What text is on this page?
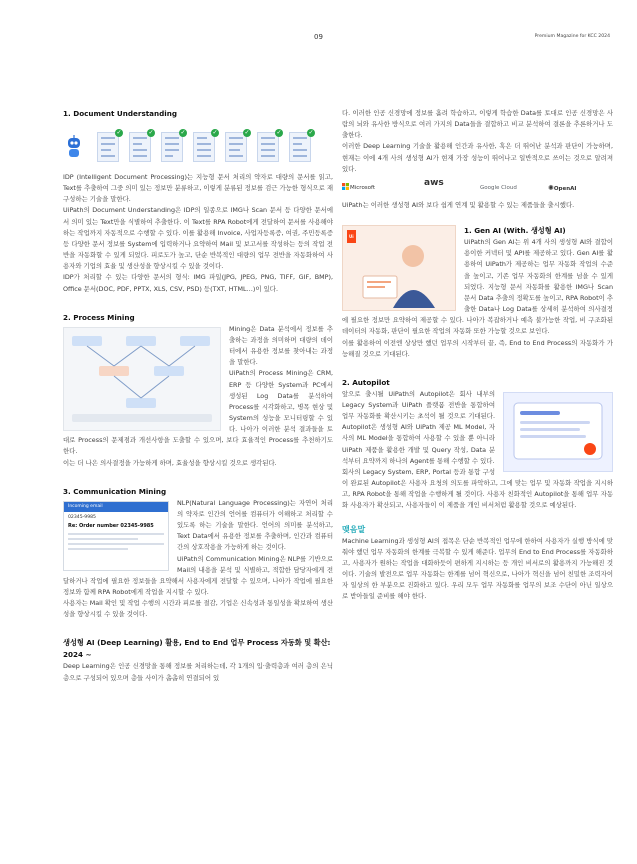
09	Premium Magazine for KCC 2024
1. Document Understanding
✓	✓	✓	✓	✓	✓	✓

IDP (Intelligent Document Processing)는 지능형 문서 처리의 약자로 대량의 문서를 읽고, Text를 추출하여 그중 의미 있는 정보만 분류하고, 이렇게 분류된 정보를 검근 가능한 형식으로 재구성하는 기술을 말한다.

UiPath의 Document Understanding은 IDP의 일종으로 IMG나 Scan 문서 등 다양한 문서에서 의미 있는 Text만을 식별하여 추출한다. 이 Text를 RPA Robot에게 전달하여 문서를 사용해야 하는 작업까지 자동적으로 수행할 수 있다. 이를 활용해 Invoice, 사업자등록증, 여권, 주민등록증 등 다양한 문서 정보를 System에 입력하거나 요약하여 Mail 및 보고서를 작성하는 등의 작업 전반을 자동화할 수 있게 되었다. 피로도가 높고, 단순 반복적인 대량의 업무 전반을 자동화하여 사용자와 기업의 효율 및 생산성을 향상시킬 수 있을 것이다.

IDP가 처리할 수 있는 다양한 문서의 형식: IMG 파일(JPG, JPEG, PNG, TIFF, GIF, BMP), Office 문서(DOC, PDF, PPTX, XLS, CSV, PSD) 등(TXT, HTML…)이 있다.

2. Process Mining

Mining은 Data 분석에서 정보를 추출하는 과정을 의미하며 대량의 데이터에서 유용한 정보를 찾아내는 과정을 말한다.

UiPath의 Process Mining은 CRM, ERP 등 다양한 System과 PC에서 생성된 Log Data를 분석하여 Process를 시각화하고, 병목 현상 및 System의 성능을 모니터링할 수 있다. 나아가 이러한 분석 결과들을 토대로 Process의 문제점과 개선사항을 도출할 수 있으며, 보다 효율적인 Process를 추천하기도 한다.

이는 더 나은 의사결정을 가능하게 하며, 효율성을 향상시킬 것으로 생각된다.

3. Communication Mining
Incoming email
02345-9985
Re: Order number 02345-9985

NLP(Natural Language Processing)는 자연어 처리의 약자로 인간의 언어를 컴퓨터가 이해하고 처리할 수 있도록 하는 기술을 말한다. 언어의 의미를 분석하고, Text Data에서 유용한 정보를 추출하며, 인간과 컴퓨터 간의 상호작용을 가능하게 하는 것이다.

UiPath의 Communication Mining은 NLP를 기반으로 Mail의 내용을 분석 및 식별하고, 적합한 담당자에게 전달하거나 작업에 필요한 정보들을 요약해서 사용자에게 전달할 수 있으며, 나아가 작업에 필요한 정보와 함께 RPA Robot에게 작업을 지시할 수 있다.

사용자는 Mail 확인 및 작업 수행의 시간과 피로를 절감, 기업은 신속성과 통일성을 확보하여 생산성을 향상시킬 수 있을 것이다.

생성형 AI (Deep Learning) 활용, End to End 업무 Process 자동화 및 확산: 2024 ~

Deep Learning은 인공 신경망을 통해 정보를 처리하는데, 각 1개의 입·출력층과 여러 층의 은닉층으로 구성되어 있으며 층들 사이가 촘촘히 연결되어 있

다. 이러한 인공 신경망에 정보를 흘려 학습하고, 이렇게 학습한 Data를 토대로 인공 신경망은 사람의 뇌와 유사한 방식으로 여러 가지의 Data들을 결합하고 비교 분석하여 결론을 추론하거나 도출한다.

이러한 Deep Learning 기술을 활용해 인간과 유사한, 혹은 더 뛰어난 분석과 판단이 가능하며, 현재는 이에 4개 사의 생성형 AI가 현재 가장 성능이 뛰어나고 일반적으로 쓰이는 것으로 알려져 있다.

Microsoft	aws	Google Cloud	✺OpenAI

UiPath는 이러한 생성형 AI와 보다 쉽게 연계 및 활용할 수 있는 제품들을 출시했다.

Ui
1. Gen AI (With. 생성형 AI)

UiPath의 Gen AI는 위 4개 사의 생성형 AI와 결합이 용이한 커넥터 및 API를 제공하고 있다. Gen AI를 활용하여 UiPath가 제공하는 업무 자동화 작업의 수준을 높이고, 기존 업무 자동화의 한계를 넘을 수 있게 되었다. 지능형 문서 자동화를 활용한 IMG나 Scan 문서 Data 추출의 정확도를 높이고, RPA Robot이 추출한 Data나 Log Data를 상세히 분석하여 의사결정에 필요한 정보만 요약하여 제공할 수 있다. 나아가 복잡하거나 예측 불가능한 작업, 비 구조화된 데이터의 자동화, 판단이 필요한 작업의 자동화 또한 가능할 것으로 보인다.

이를 활용하여 이전엔 상상만 했던 업무의 시작부터 끝, 즉, End to End Process의 자동화가 가능해질 것으로 기대된다.

2. Autopilot

앞으로 출시될 UiPath의 Autopilot은 회사 내부의 Legacy System과 UiPath 플랫폼 전반을 통합하여 업무 자동화를 확산시키는 초석이 될 것으로 기대된다. Autopilot은 생성형 AI와 UiPath 제공 ML Model, 자사의 ML Model을 통합하여 사용할 수 있을 뿐 아니라 UiPath 제품을 활용한 개발 및 Query 작성, Data 분석부터 요약까지 하나의 Agent를 통해 수행할 수 있다.

회사의 Legacy System, ERP, Portal 등과 통합 구성이 완료된 Autopilot은 사용자 요청의 의도를 파악하고, 그에 맞는 업무 및 자동화 작업을 지시하고, RPA Robot을 통해 작업을 수행하게 될 것이다. 사용자 친화적인 Autopilot을 통해 업무 자동화 사용자가 확산되고, 사용자들이 이 제품을 개인 비서처럼 활용할 것으로 예상된다.

맺음말

Machine Learning과 생성형 AI의 접목은 단순 반복적인 업무에 한하여 사용자가 실행 방식에 맞춰야 했던 업무 자동화의 한계를 극복할 수 있게 해준다. 업무의 End to End Process를 자동화하고, 사용자가 원하는 작업을 대화하듯이 편하게 지시하는 등 개인 비서로의 활용까지 가능해진 것이다. 기술의 발전으로 업무 자동화는 한계를 넘어 혁신으로, 나아가 혁신을 넘어 친밀한 조력자이자 일상의 한 부분으로 진화하고 있다. 우리 모두 업무 자동화를 업무의 보조 수단이 아닌 일상으로 받아들일 준비를 해야 한다.
